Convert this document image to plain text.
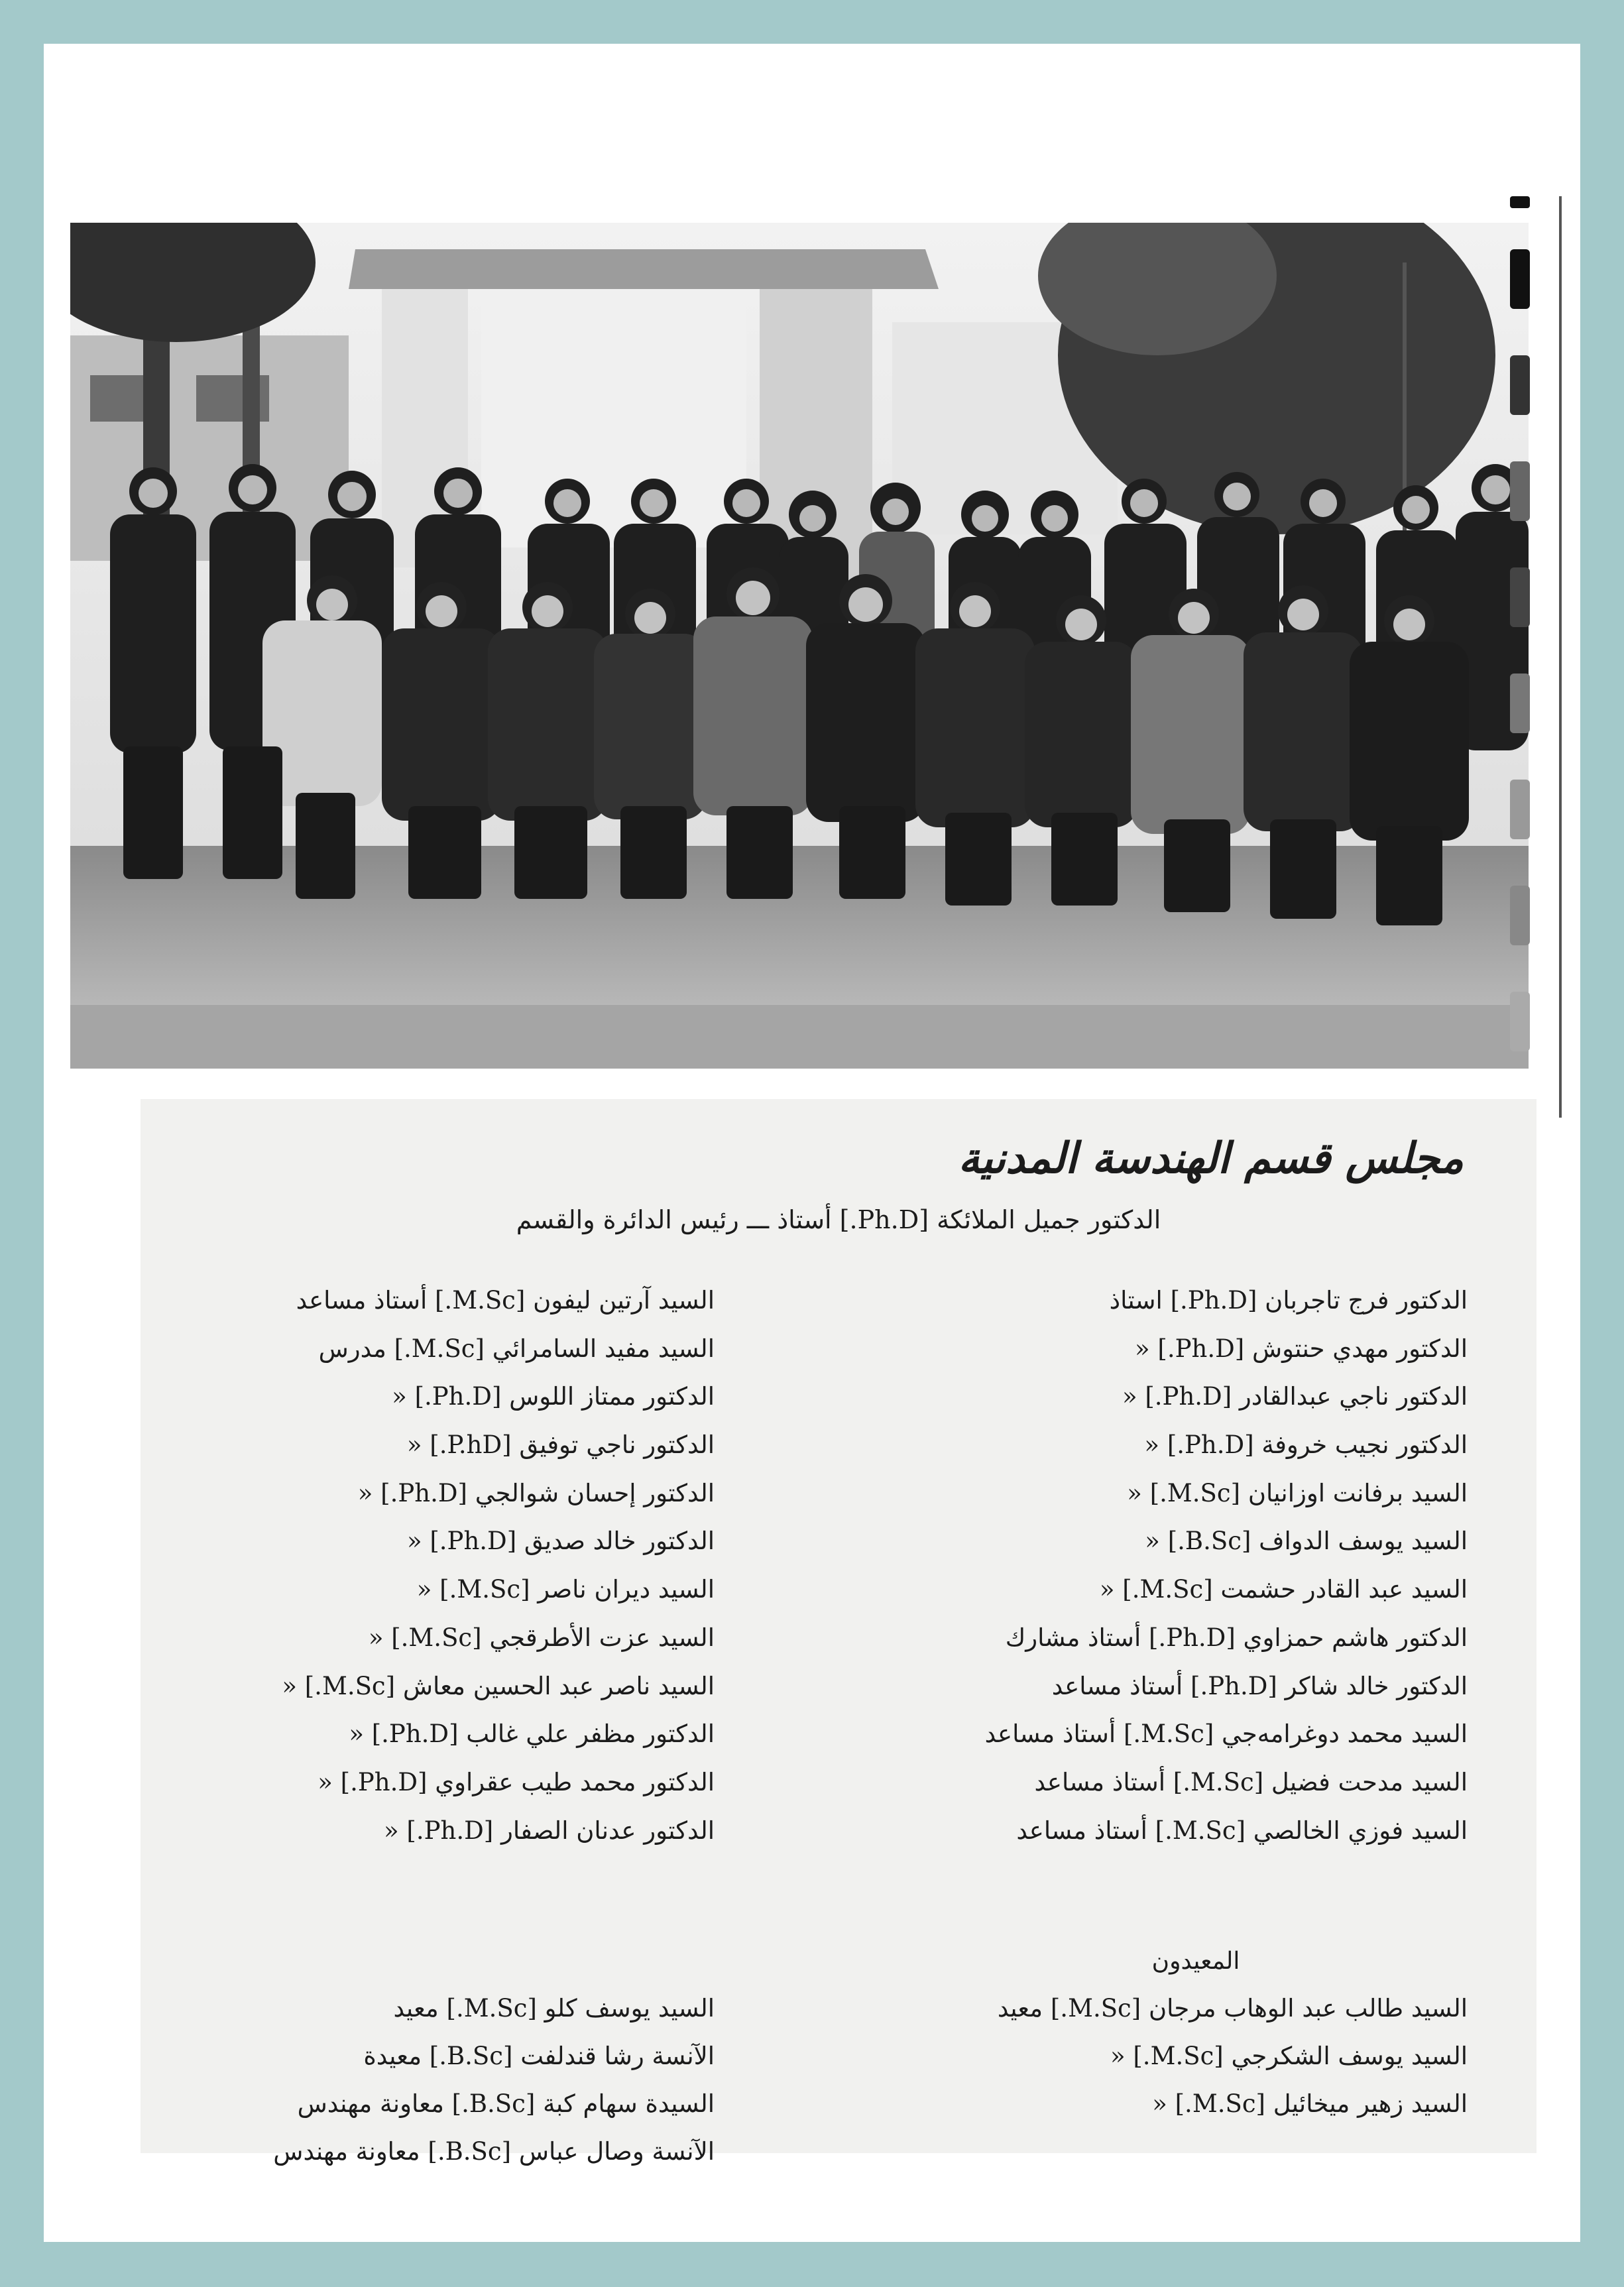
مجلس قسم الهندسة المدنية
الدكتور جميل الملائكة [Ph.D.] أستاذ ـــ رئيس الدائرة والقسم
الدكتور فرج تاجربان [Ph.D.] استاذ
الدكتور مهدي حنتوش [Ph.D.] «
الدكتور ناجي عبدالقادر [Ph.D.] «
الدكتور نجيب خروفة [Ph.D.] «
السيد برفانت اوزانيان [M.Sc.] «
السيد يوسف الدواف [B.Sc.] «
السيد عبد القادر حشمت [M.Sc.] «
الدكتور هاشم حمزاوي [Ph.D.] أستاذ مشارك
الدكتور خالد شاكر [Ph.D.] أستاذ مساعد
السيد محمد دوغرامه‌جي [M.Sc.] أستاذ مساعد
السيد مدحت فضيل [M.Sc.] أستاذ مساعد
السيد فوزي الخالصي [M.Sc.] أستاذ مساعد
السيد آرتين ليفون [M.Sc.] أستاذ مساعد
السيد مفيد السامرائي [M.Sc.] مدرس
الدكتور ممتاز اللوس [Ph.D.] «
الدكتور ناجي توفيق [P.hD.] «
الدكتور إحسان شوالجي [Ph.D.] «
الدكتور خالد صديق [Ph.D.] «
السيد ديران ناصر [M.Sc.] «
السيد عزت الأطرقجي [M.Sc.] «
السيد ناصر عبد الحسين معاش [M.Sc.] «
الدكتور مظفر علي غالب [Ph.D.] «
الدكتور محمد طيب عقراوي [Ph.D.] «
الدكتور عدنان الصفار [Ph.D.] «
المعيدون
السيد طالب عبد الوهاب مرجان [M.Sc.] معيد
السيد يوسف الشكرجي [M.Sc.] «
السيد زهير ميخائيل [M.Sc.] «
السيد يوسف كلو [M.Sc.] معيد
الآنسة رشا قندلفت [B.Sc.] معيدة
السيدة سهام كبة [B.Sc.] معاونة مهندس
الآنسة وصال عباس [B.Sc.] معاونة مهندس
